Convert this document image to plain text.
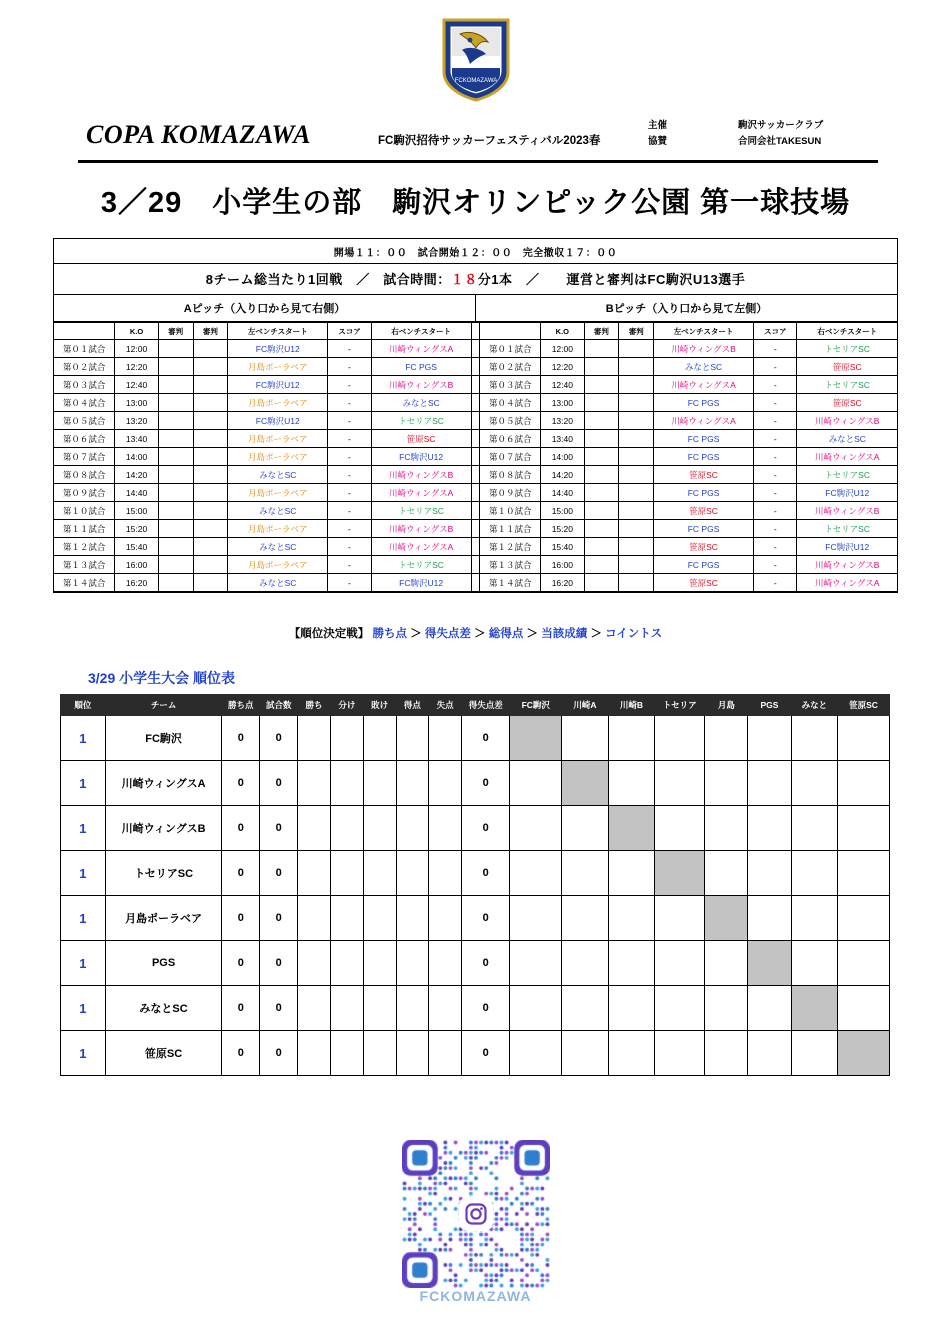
FCKOMAZAWA
COPA KOMAZAWA	FC駒沢招待サッカーフェスティバル2023春
主催	駒沢サッカークラブ
協賛	合同会社TAKESUN
3／29　小学生の部　駒沢オリンピック公園 第一球技場
開場１１：００　試合開始１２：００　完全撤収１７：００
8チーム総当たり1回戦　／　試合時間：１８分1本　／　　運営と審判はFC駒沢U13選手
Aピッチ（入り口から見て右側）	Bピッチ（入り口から見て左側）
	K.O	審判	審判	左ベンチスタート	スコア	右ベンチスタート			K.O	審判	審判	左ベンチスタート	スコア	右ベンチスタート
第０１試合	12:00			FC駒沢U12	-	川崎ウィングスA		第０１試合	12:00			川崎ウィングスB	-	トセリアSC
第０２試合	12:20			月島ポーラベア	-	FC PGS		第０２試合	12:20			みなとSC	-	笹原SC
第０３試合	12:40			FC駒沢U12	-	川崎ウィングスB		第０３試合	12:40			川崎ウィングスA	-	トセリアSC
第０４試合	13:00			月島ポーラベア	-	みなとSC		第０４試合	13:00			FC PGS	-	笹原SC
第０５試合	13:20			FC駒沢U12	-	トセリアSC		第０５試合	13:20			川崎ウィングスA	-	川崎ウィングスB
第０６試合	13:40			月島ポーラベア	-	笹原SC		第０６試合	13:40			FC PGS	-	みなとSC
第０７試合	14:00			月島ポーラベア	-	FC駒沢U12		第０７試合	14:00			FC PGS	-	川崎ウィングスA
第０８試合	14:20			みなとSC	-	川崎ウィングスB		第０８試合	14:20			笹原SC	-	トセリアSC
第０９試合	14:40			月島ポーラベア	-	川崎ウィングスA		第０９試合	14:40			FC PGS	-	FC駒沢U12
第１０試合	15:00			みなとSC	-	トセリアSC		第１０試合	15:00			笹原SC	-	川崎ウィングスB
第１１試合	15:20			月島ポーラベア	-	川崎ウィングスB		第１１試合	15:20			FC PGS	-	トセリアSC
第１２試合	15:40			みなとSC	-	川崎ウィングスA		第１２試合	15:40			笹原SC	-	FC駒沢U12
第１３試合	16:00			月島ポーラベア	-	トセリアSC		第１３試合	16:00			FC PGS	-	川崎ウィングスB
第１４試合	16:20			みなとSC	-	FC駒沢U12		第１４試合	16:20			笹原SC	-	川崎ウィングスA
【順位決定戦】 勝ち点 ＞ 得失点差 ＞ 総得点 ＞ 当該成績 ＞ コイントス
3/29 小学生大会 順位表
順位	チーム	勝ち点	試合数	勝ち	分け	敗け	得点	失点	得失点差	FC駒沢	川崎A	川崎B	トセリア	月島	PGS	みなと	笹原SC
1	FC駒沢	0	0						0								
1	川崎ウィングスA	0	0						0								
1	川崎ウィングスB	0	0						0								
1	トセリアSC	0	0						0								
1	月島ポーラベア	0	0						0								
1	PGS	0	0						0								
1	みなとSC	0	0						0								
1	笹原SC	0	0						0								
FCKOMAZAWA
